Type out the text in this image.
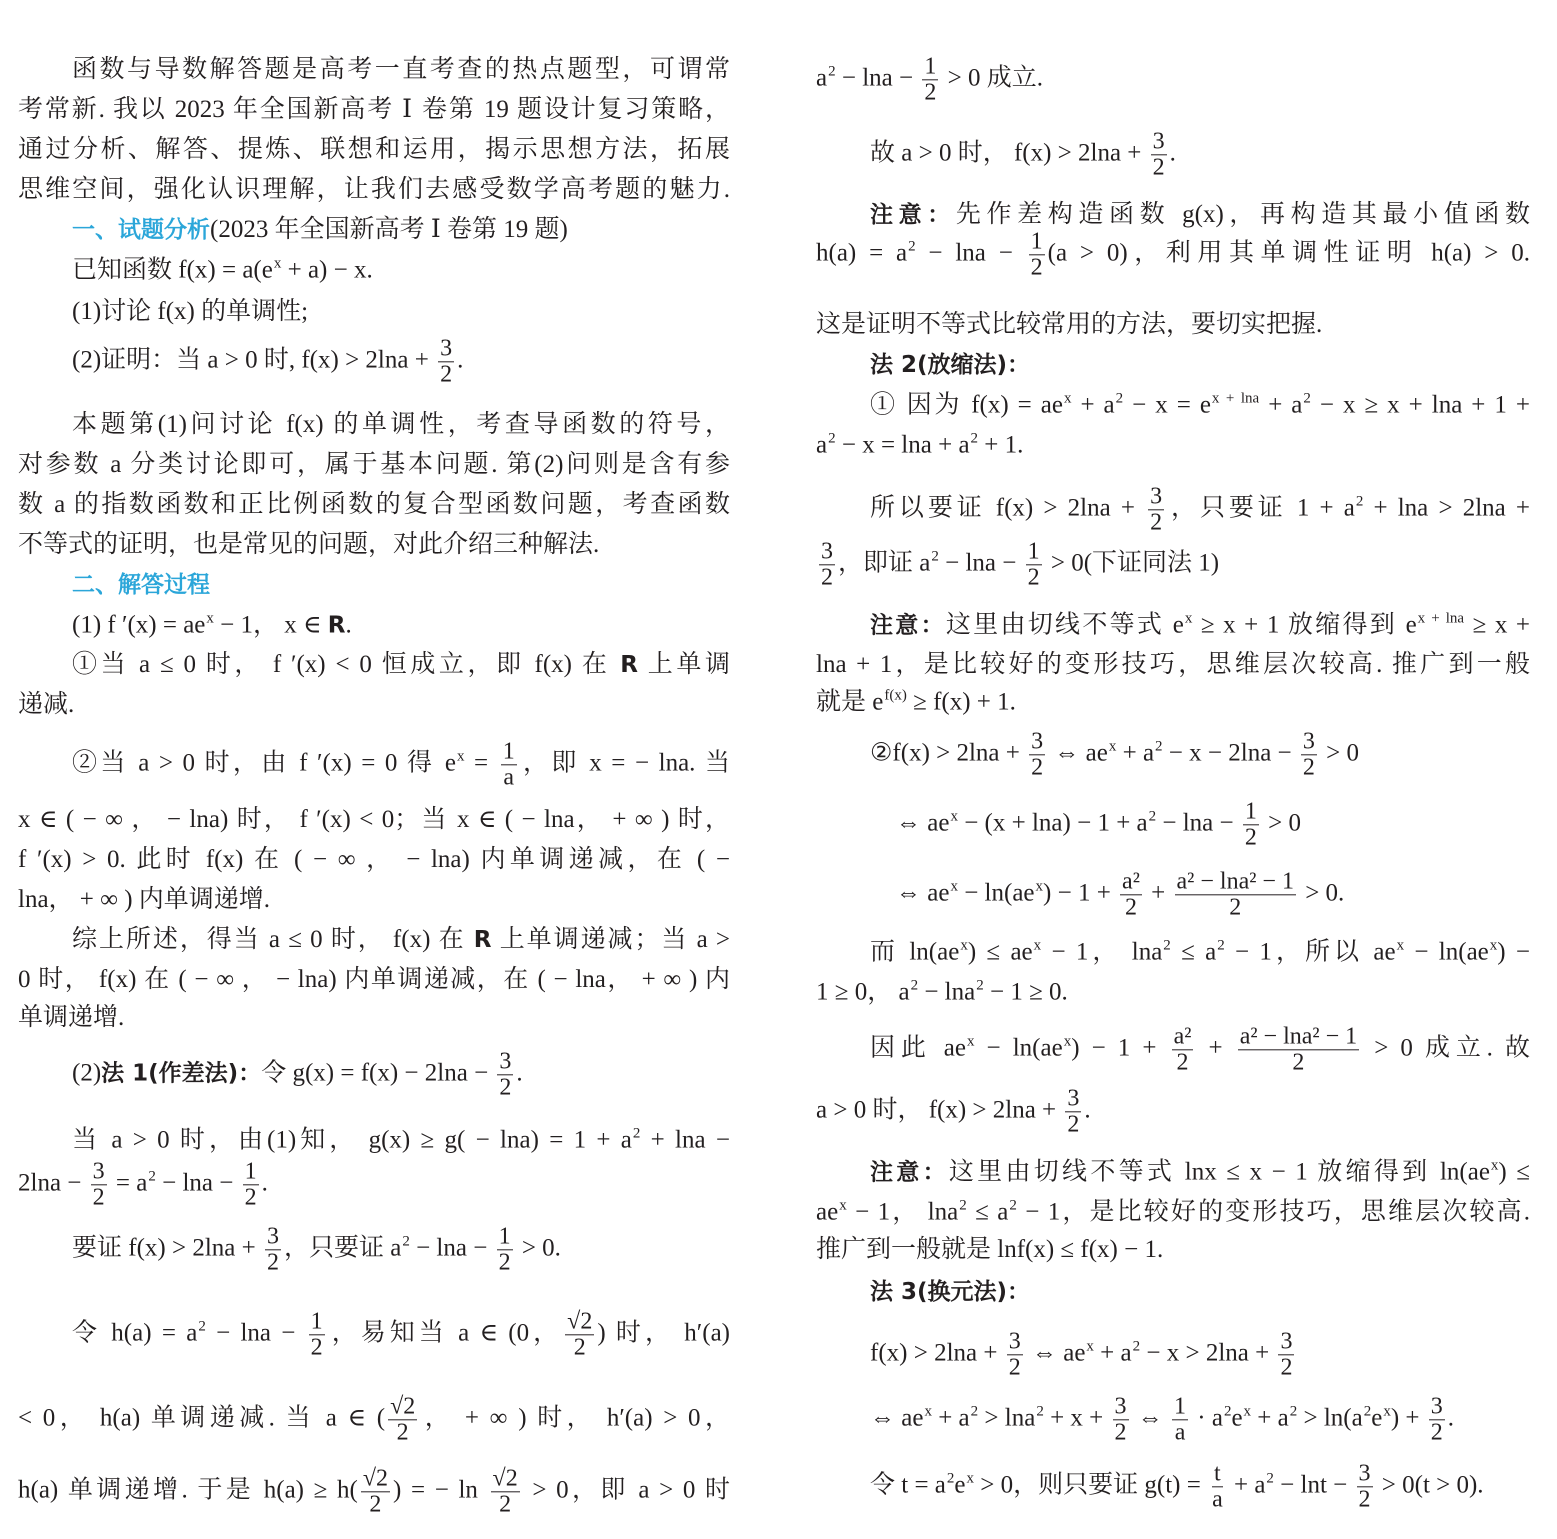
函数与导数解答题是高考一直考查的热点题型，可谓常
考常新. 我以 2023 年全国新高考 Ⅰ 卷第 19 题设计复习策略，
通过分析、解答、提炼、联想和运用，揭示思想方法，拓展
思维空间，强化认识理解，让我们去感受数学高考题的魅力.
一、试题分析(2023 年全国新高考 Ⅰ 卷第 19 题)
已知函数 $f(x) = a(e^x + a) - x$.
(1)讨论 f(x) 的单调性;
(2)证明：当 a > 0 时, $f(x) > 2\ln a + \frac{3}{2}$ .
本题第(1)问讨论 f(x) 的单调性，考查导函数的符号，
对参数 a 分类讨论即可，属于基本问题. 第(2)问则是含有参
数 a 的指数函数和正比例函数的复合型函数问题，考查函数
不等式的证明，也是常见的问题，对此介绍三种解法.
二、解答过程
(1) f $'(x) = ae^x - 1$， x ∈ R.
①当 a ≤ 0 时， f ′(x) < 0 恒成立，即 f(x) 在 R 上单调
递减.
②当 a > 0 时，由 f ′(x) = 0 得 $e^x = \frac{1}{a}$ ，即 x = − lna. 当
x ∈ ( − ∞ ， − lna) 时， f ′(x) < 0；当 x ∈ ( − lna， + ∞ ) 时，
f ′(x) > 0. 此时 f(x) 在 ( − ∞ ， − lna) 内单调递减，在 ( −
lna， + ∞ ) 内单调递增.
综上所述，得当 a ≤ 0 时， f(x) 在 R 上单调递减；当 a >
0 时， f(x) 在 ( − ∞ ， − lna) 内单调递减，在 ( − lna， + ∞ ) 内
单调递增.
(2)法 1(作差法)：令 $g(x) = f(x) - 2\ln a - \frac{3}{2}$ .
当 a > 0 时，由(1)知， $g(x) \ge g( - \ln a) = 1 + a^2 + \ln a$ −
$2\ln a - \frac{3}{2} = a^2 - \ln a - \frac{1}{2}$ .
要证 $f(x) > 2\ln a + \frac{3}{2}$ ，只要证 $a^2 - \ln a - \frac{1}{2} > 0$.
令 $h(a) = a^2 - \ln a - \frac{1}{2}$ ，易知当 a ∈ (0， $\frac{√2}{2}$ ) 时， h′(a)
< 0， h(a) 单调递减. 当 a ∈ ( $\frac{√2}{2}$ ， + ∞ ) 时， h′(a) > 0，
h(a) 单调递增. 于是 $h(a) \ge h( \frac{√2}{2}$ ) = − $\ln \frac{√2}{2} > 0$，即 a > 0 时
$a^2 - \ln a - \frac{1}{2} > 0$ 成立.
故 a > 0 时， $f(x) > 2\ln a + \frac{3}{2}$ .
注意：先作差构造函数 g(x)，再构造其最小值函数
$h(a) = a^2 - \ln a - \frac{1}{2} (a > 0)$，利用其单调性证明 h(a) > 0.
这是证明不等式比较常用的方法，要切实把握.
法 2(放缩法)：
① 因为 $f(x) = ae^x + a^2 - x = e^{x + lna} + a^2 - x \ge x + \ln a + 1$ +
$a^2 - x = \ln a + a^2 + 1$.
所以要证 $f(x) > 2\ln a + \frac{3}{2}$ ，只要证 $1 + a^2 + \ln a > 2\ln a$ +
$\frac{3}{2}$ ，即证 $a^2 - \ln a - \frac{1}{2} > 0$(下证同法 1)
注意：这里由切线不等式 $e^x \ge x + 1$ 放缩得到 $e^{x + lna} \ge x$ +
lna + 1，是比较好的变形技巧，思维层次较高. 推广到一般
就是 $e^{f(x)} \ge f(x) + 1$.
②f(x) > $2\ln a + \frac{3}{2}$ ⇔ $ae^x + a^2 - x - 2\ln a - \frac{3}{2} > 0$
⇔ $ae^x - (x + \ln a) - 1 + a^2 - \ln a - \frac{1}{2} > 0$
⇔ $ae^x - \ln(ae^x) - 1 + \frac{\text{a²}}{2} + \frac{\text{a² − lna² − 1}}{2} > 0$.
而 $\ln(ae^x) \le ae^x - 1$， $\ln a^2 \le a^2 - 1$，所以 $ae^x - \ln(ae^x)$ −
1 ≥ 0， $a^2 - \ln a^2 - 1 \ge 0$.
因此 $ae^x - \ln(ae^x) - 1 + \frac{\text{a²}}{2} + \frac{\text{a² − lna² − 1}}{2} > 0$ 成立. 故
a > 0 时， $f(x) > 2\ln a + \frac{3}{2}$ .
注意：这里由切线不等式 lnx ≤ x − 1 放缩得到 $\ln(ae^x)$ ≤
$ae^x - 1$， $\ln a^2 \le a^2 - 1$，是比较好的变形技巧，思维层次较高.
推广到一般就是 lnf(x) ≤ f(x) − 1.
法 3(换元法)：
$f(x) > 2\ln a + \frac{3}{2}$ ⇔ $ae^x + a^2 - x > 2\ln a + \frac{3}{2}$
⇔ $ae^x + a^2 > \ln a^2 + x + \frac{3}{2}$ ⇔ $\frac{1}{a} \cdot a^2e^x + a^2 > \ln(a^2e^x) + \frac{3}{2}$ .
令 $t = a^2e^x > 0$，则只要证 $g(t) = \frac{t}{a} + a^2 - \ln t - \frac{3}{2} > 0(t > 0)$.
